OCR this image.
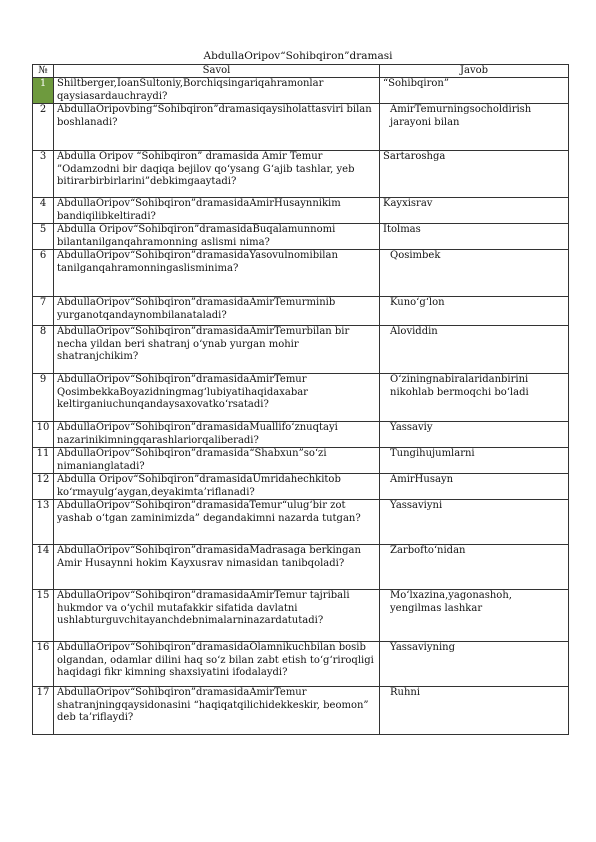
AbdullaOripov“Sohibqiron”dramasi
№	Savol	Javob
1	Shiltberger,IoanSultoniy,Borchiqsingariqahramonlar qaysiasardauchraydi?	“Sohibqiron”
2	AbdullaOripovbing“Sohibqiron”dramasiqaysiholattasviri bilan boshlanadi?	AmirTemurningsocholdirish jarayoni bilan
3	Abdulla Oripov “Sohibqiron” dramasida Amir Temur ”Odamzodni bir daqiqa bejilov qo‘ysang G‘ajib tashlar, yeb bitirarbirbirlarini”debkimgaaytadi?	Sartaroshga
4	AbdullaOripov“Sohibqiron”dramasidaAmirHusaynnikim bandiqilibkeltiradi?	Kayxisrav
5	Abdulla Oripov“Sohibqiron”dramasidaBuqalamunnomi bilantanilganqahramonning aslismi nima?	Itolmas
6	AbdullaOripov“Sohibqiron”dramasidaYasovulnomibilan tanilganqahramonningaslisminima?	Qosimbek
7	AbdullaOripov“Sohibqiron”dramasidaAmirTemurminib yurganotqandaynombilanataladi?	Kuno‘g‘lon
8	AbdullaOripov“Sohibqiron”dramasidaAmirTemurbilan bir necha yildan beri shatranj o‘ynab yurgan mohir shatranjchikim?	Aloviddin
9	AbdullaOripov“Sohibqiron”dramasidaAmirTemur QosimbekkaBoyazidningmag‘lubiyatihaqidaxabar keltirganiuchunqandaysaxovatko‘rsatadi?	O‘ziningnabiralaridanbirini nikohlab bermoqchi bo‘ladi
10	AbdullaOripov“Sohibqiron”dramasidaMuallifo‘znuqtayi nazarinikimningqarashlariorqaliberadi?	Yassaviy
11	AbdullaOripov“Sohibqiron”dramasida“Shabxun”so‘zi nimanianglatadi?	Tungihujumlarni
12	Abdulla Oripov“Sohibqiron”dramasidaUmridahechkitob ko‘rmayulg‘aygan,deyakimta’riflanadi?	AmirHusayn
13	AbdullaOripov“Sohibqiron”dramasidaTemur“ulug‘bir zot yashab o‘tgan zaminimizda” degandakimni nazarda tutgan?	Yassaviyni
14	AbdullaOripov“Sohibqiron”dramasidaMadrasaga berkingan Amir Husaynni hokim Kayxusrav nimasidan tanibqoladi?	Zarbofto‘nidan
15	AbdullaOripov“Sohibqiron”dramasidaAmirTemur tajribali hukmdor va o‘ychil mutafakkir sifatida davlatni ushlabturguvchitayanchdebnimalarninazardatutadi?	Mo‘lxazina,yagonashoh, yengilmas lashkar
16	AbdullaOripov“Sohibqiron”dramasidaOlamnikuchbilan bosib olgandan, odamlar dilini haq so‘z bilan zabt etish to‘g‘riroqligi haqidagi fikr kimning shaxsiyatini ifodalaydi?	Yassaviyning
17	AbdullaOripov“Sohibqiron”dramasidaAmirTemur shatranjningqaysidonasini “haqiqatqilichidekkeskir, beomon” deb ta’riflaydi?	Ruhni
